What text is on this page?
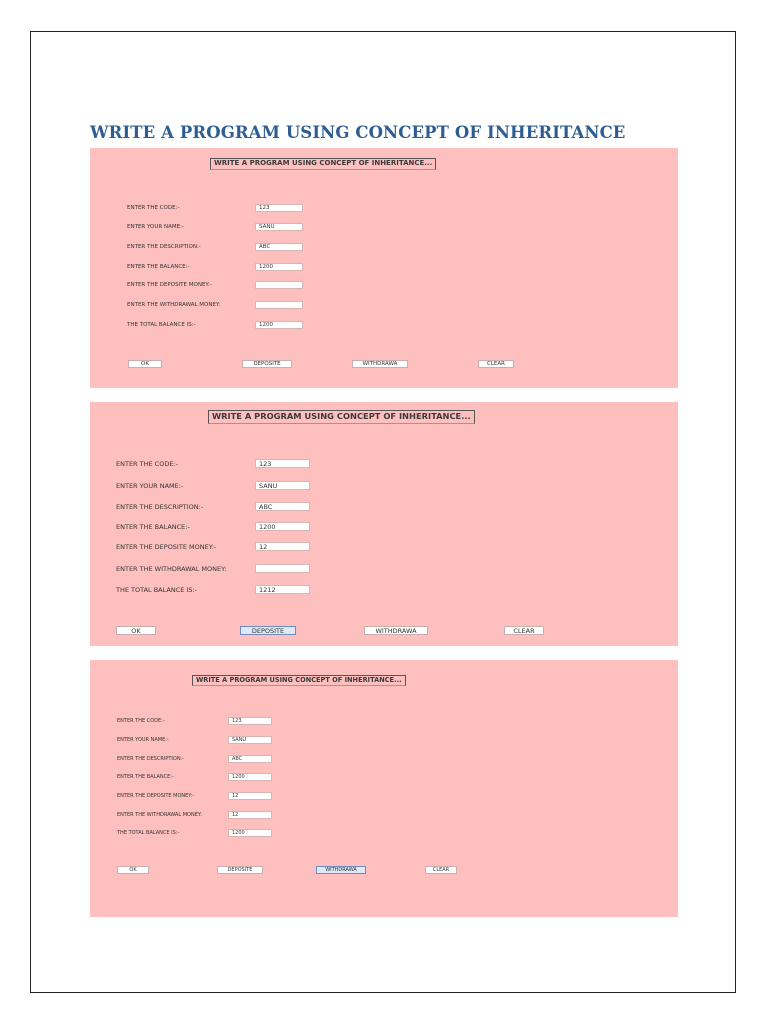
WRITE A PROGRAM USING CONCEPT OF INHERITANCE
WRITE A PROGRAM USING CONCEPT OF INHERITANCE...
ENTER THE CODE:-	123
ENTER YOUR NAME:-	SANU
ENTER THE DESCRIPTION:-	ABC
ENTER THE BALANCE:-	1200
ENTER THE DEPOSITE MONEY:-
ENTER THE WITHDRAWAL MONEY:
THE TOTAL BALANCE IS:-	1200
OK	DEPOSITE	WITHDRAWA	CLEAR
WRITE A PROGRAM USING CONCEPT OF INHERITANCE...
ENTER THE CODE:-	123
ENTER YOUR NAME:-	SANU
ENTER THE DESCRIPTION:-	ABC
ENTER THE BALANCE:-	1200
ENTER THE DEPOSITE MONEY:-	12
ENTER THE WITHDRAWAL MONEY:
THE TOTAL BALANCE IS:-	1212
OK	DEPOSITE	WITHDRAWA	CLEAR
WRITE A PROGRAM USING CONCEPT OF INHERITANCE...
ENTER THE CODE:-	123
ENTER YOUR NAME:-	SANU
ENTER THE DESCRIPTION:-	ABC
ENTER THE BALANCE:-	1200
ENTER THE DEPOSITE MONEY:-	12
ENTER THE WITHDRAWAL MONEY:	12
THE TOTAL BALANCE IS:-	1200
OK	DEPOSITE	WITHDRAWA	CLEAR
